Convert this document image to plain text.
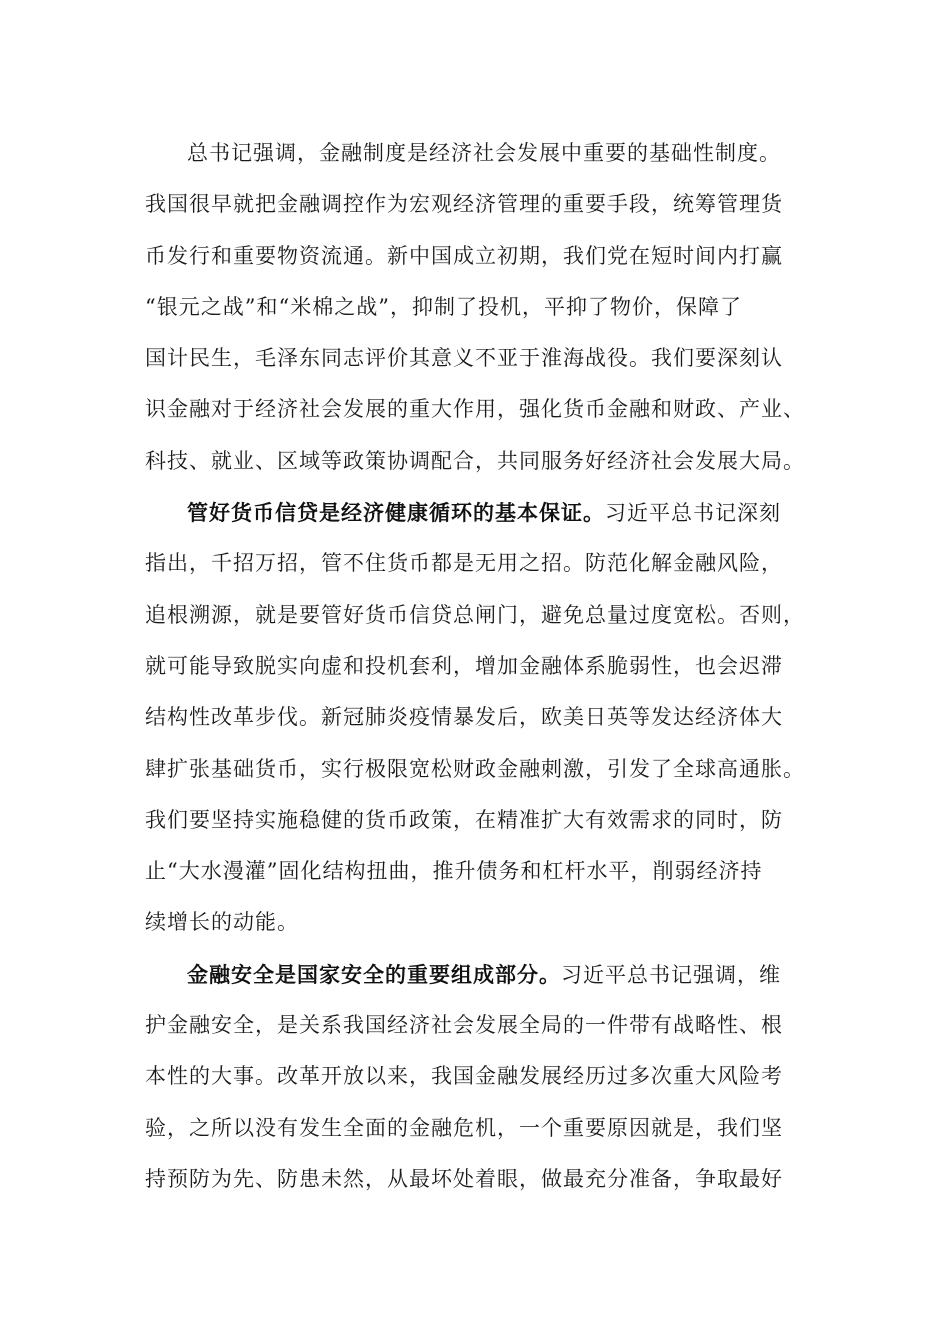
总书记强调，金融制度是经济社会发展中重要的基础性制度。
我国很早就把金融调控作为宏观经济管理的重要手段，统筹管理货
币发行和重要物资流通。新中国成立初期，我们党在短时间内打赢
“银元之战”和“米棉之战”，抑制了投机，平抑了物价，保障了
国计民生，毛泽东同志评价其意义不亚于淮海战役。我们要深刻认
识金融对于经济社会发展的重大作用，强化货币金融和财政、产业、
科技、就业、区域等政策协调配合，共同服务好经济社会发展大局。
管好货币信贷是经济健康循环的基本保证。习近平总书记深刻
指出，千招万招，管不住货币都是无用之招。防范化解金融风险，
追根溯源，就是要管好货币信贷总闸门，避免总量过度宽松。否则，
就可能导致脱实向虚和投机套利，增加金融体系脆弱性，也会迟滞
结构性改革步伐。新冠肺炎疫情暴发后，欧美日英等发达经济体大
肆扩张基础货币，实行极限宽松财政金融刺激，引发了全球高通胀。
我们要坚持实施稳健的货币政策，在精准扩大有效需求的同时，防
止“大水漫灌”固化结构扭曲，推升债务和杠杆水平，削弱经济持
续增长的动能。
金融安全是国家安全的重要组成部分。习近平总书记强调，维
护金融安全，是关系我国经济社会发展全局的一件带有战略性、根
本性的大事。改革开放以来，我国金融发展经历过多次重大风险考
验，之所以没有发生全面的金融危机，一个重要原因就是，我们坚
持预防为先、防患未然，从最坏处着眼，做最充分准备，争取最好
